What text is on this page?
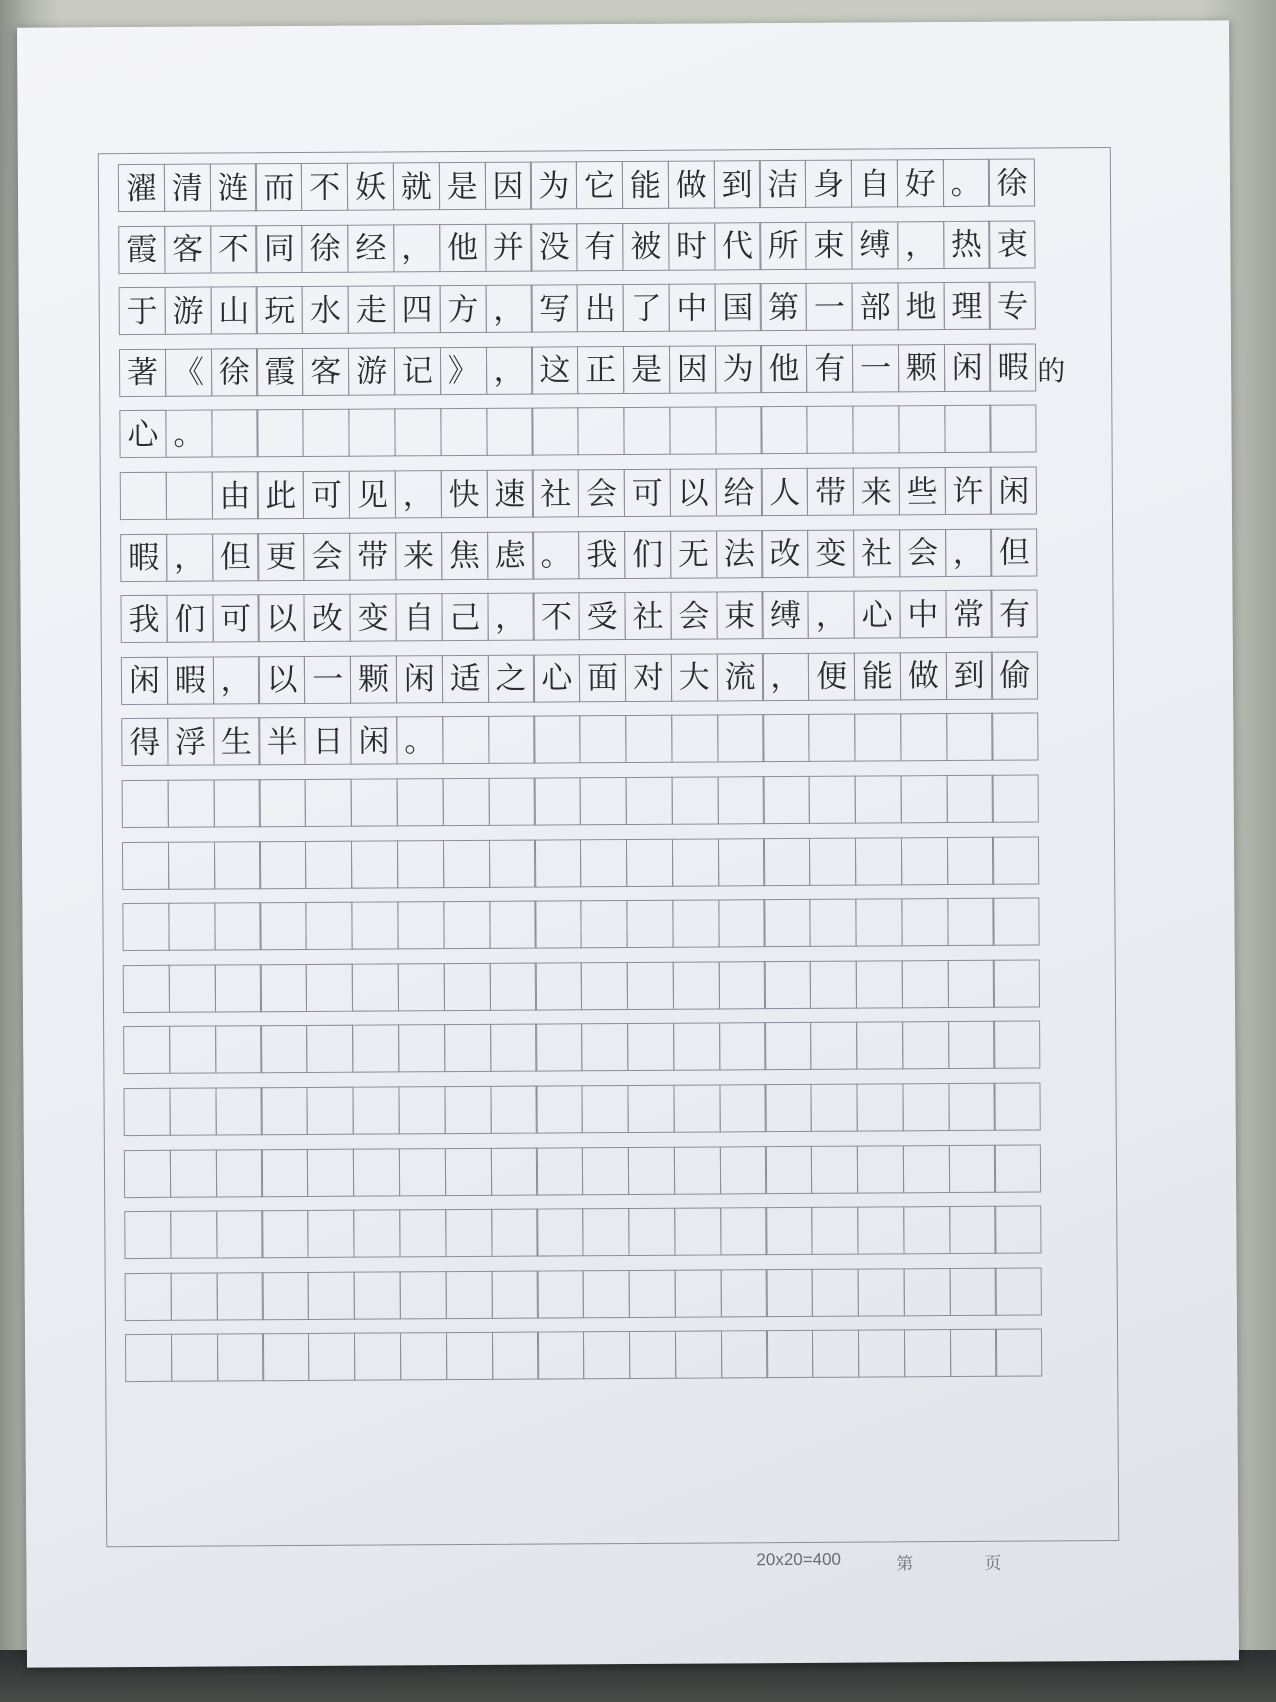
濯 清 涟 而 不 妖 就 是 因 为 它 能 做 到 洁 身 自 好 。 徐
霞 客 不 同 徐 经 ， 他 并 没 有 被 时 代 所 束 缚 ， 热 衷
于 游 山 玩 水 走 四 方 ， 写 出 了 中 国 第 一 部 地 理 专
著 《 徐 霞 客 游 记 》 ， 这 正 是 因 为 他 有 一 颗 闲 暇 的
心 。
由 此 可 见 ， 快 速 社 会 可 以 给 人 带 来 些 许 闲
暇 ， 但 更 会 带 来 焦 虑 。 我 们 无 法 改 变 社 会 ， 但
我 们 可 以 改 变 自 己 ， 不 受 社 会 束 缚 ， 心 中 常 有
闲 暇 ， 以 一 颗 闲 适 之 心 面 对 大 流 ， 便 能 做 到 偷
得 浮 生 半 日 闲 。
20x20=400	第	页
